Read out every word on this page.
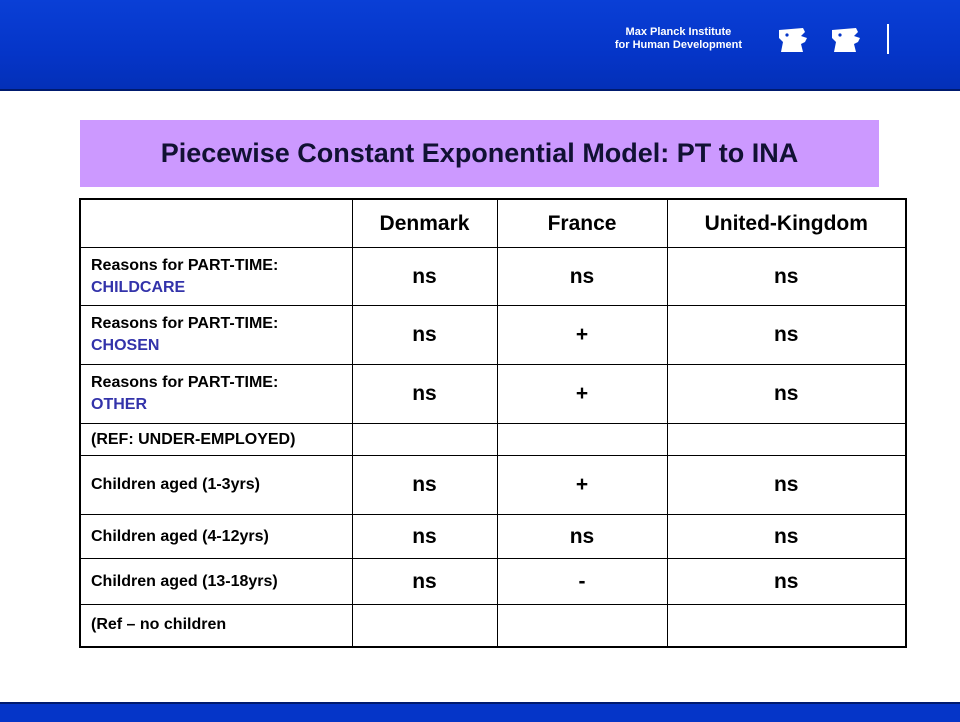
Max Planck Institute
for Human Development
Piecewise Constant Exponential Model: PT to INA
	Denmark	France	United-Kingdom
Reasons for PART-TIME:
CHILDCARE	ns	ns	ns
Reasons for PART-TIME:
CHOSEN	ns	+	ns
Reasons for PART-TIME:
OTHER	ns	+	ns
(REF: UNDER-EMPLOYED)			
Children aged (1-3yrs)	ns	+	ns
Children aged (4-12yrs)	ns	ns	ns
Children aged (13-18yrs)	ns	-	ns
(Ref – no children			
